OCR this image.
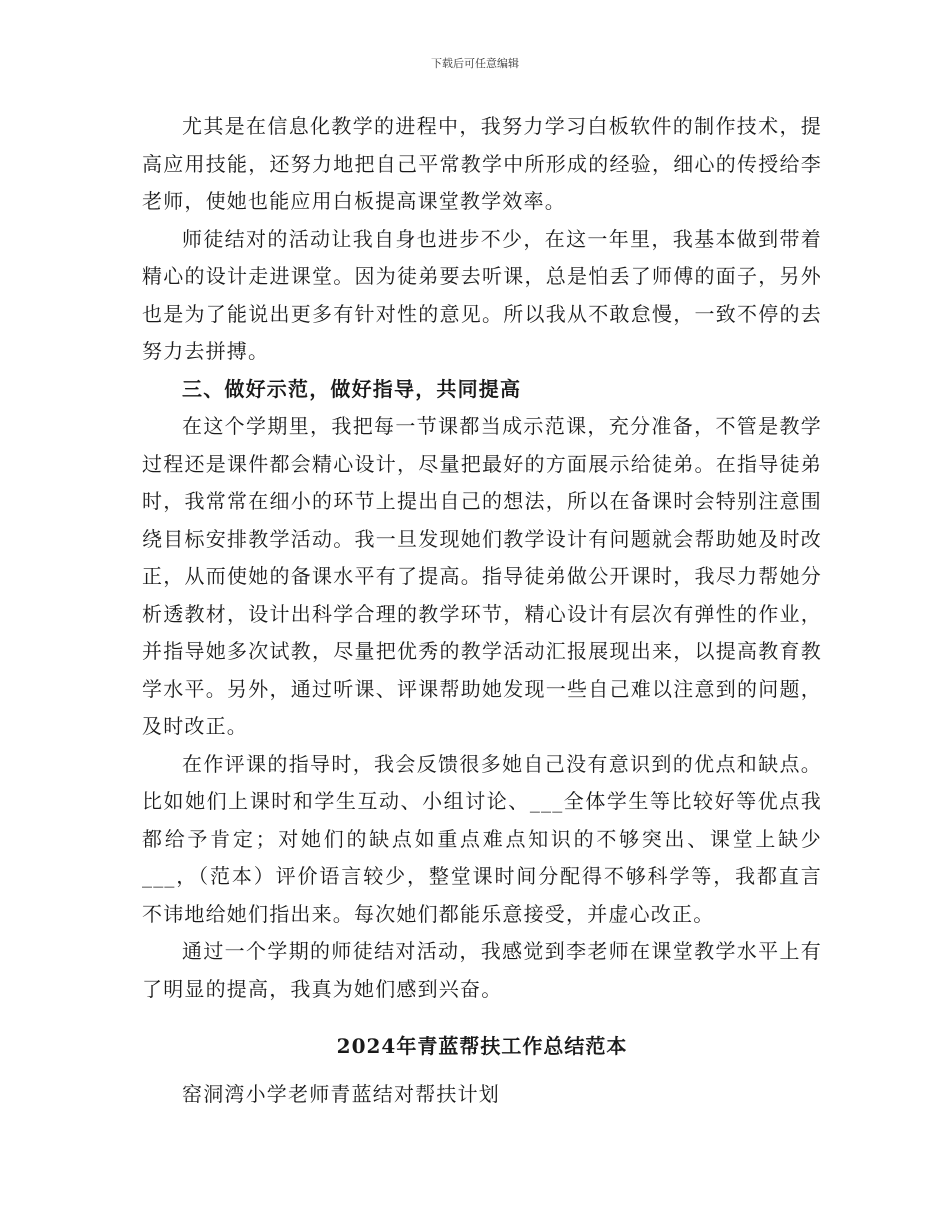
下载后可任意编辑

尤其是在信息化教学的进程中，我努力学习白板软件的制作技术，提高应用技能，还努力地把自己平常教学中所形成的经验，细心的传授给李老师，使她也能应用白板提高课堂教学效率。

师徒结对的活动让我自身也进步不少，在这一年里，我基本做到带着精心的设计走进课堂。因为徒弟要去听课，总是怕丢了师傅的面子，另外也是为了能说出更多有针对性的意见。所以我从不敢怠慢，一致不停的去努力去拼搏。

三、做好示范，做好指导，共同提高

在这个学期里，我把每一节课都当成示范课，充分准备，不管是教学过程还是课件都会精心设计，尽量把最好的方面展示给徒弟。在指导徒弟时，我常常在细小的环节上提出自己的想法，所以在备课时会特别注意围绕目标安排教学活动。我一旦发现她们教学设计有问题就会帮助她及时改正，从而使她的备课水平有了提高。指导徒弟做公开课时，我尽力帮她分析透教材，设计出科学合理的教学环节，精心设计有层次有弹性的作业，并指导她多次试教，尽量把优秀的教学活动汇报展现出来，以提高教育教学水平。另外，通过听课、评课帮助她发现一些自己难以注意到的问题，及时改正。

在作评课的指导时，我会反馈很多她自己没有意识到的优点和缺点。比如她们上课时和学生互动、小组讨论、___全体学生等比较好等优点我都给予肯定；对她们的缺点如重点难点知识的不够突出、课堂上缺少___，（范本）评价语言较少，整堂课时间分配得不够科学等，我都直言不讳地给她们指出来。每次她们都能乐意接受，并虚心改正。

通过一个学期的师徒结对活动，我感觉到李老师在课堂教学水平上有了明显的提高，我真为她们感到兴奋。

2024年青蓝帮扶工作总结范本

窑洞湾小学老师青蓝结对帮扶计划
